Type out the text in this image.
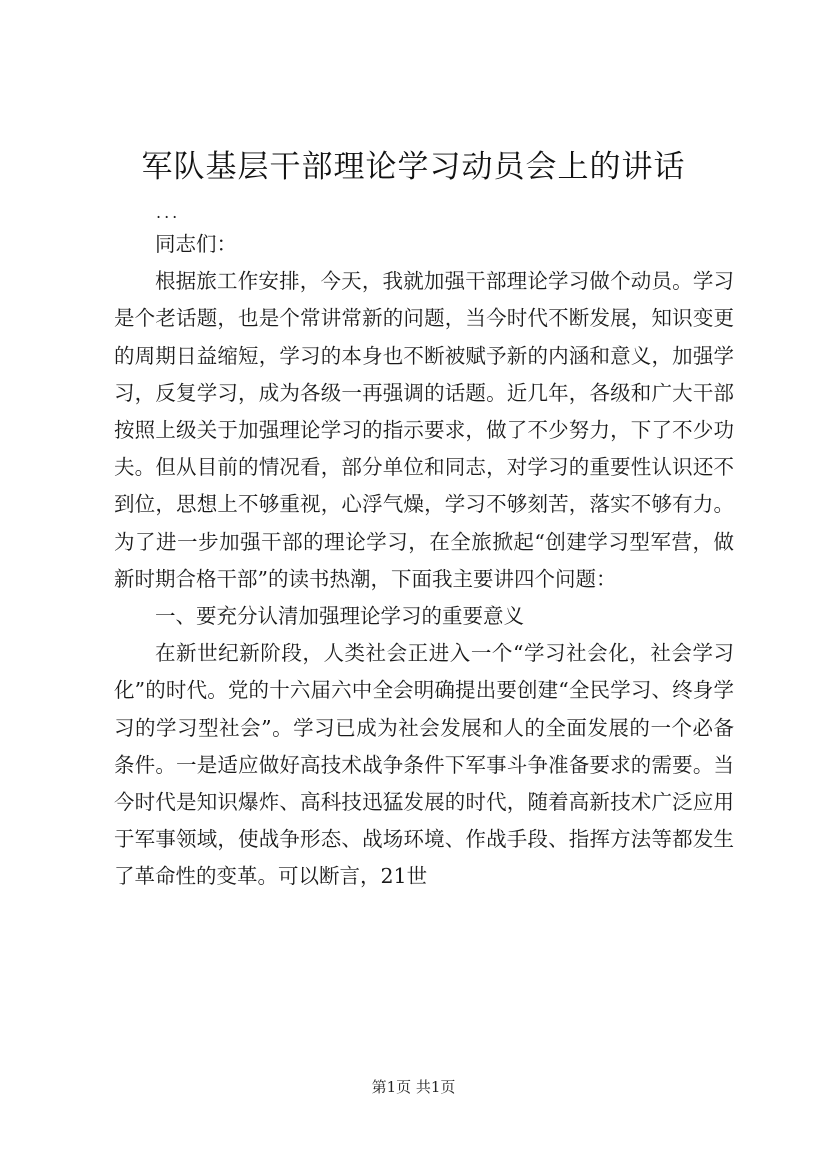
军队基层干部理论学习动员会上的讲话
...

同志们：

根据旅工作安排，今天，我就加强干部理论学习做个动员。学习是个老话题，也是个常讲常新的问题，当今时代不断发展，知识变更的周期日益缩短，学习的本身也不断被赋予新的内涵和意义，加强学习，反复学习，成为各级一再强调的话题。近几年，各级和广大干部按照上级关于加强理论学习的指示要求，做了不少努力，下了不少功夫。但从目前的情况看，部分单位和同志，对学习的重要性认识还不到位，思想上不够重视，心浮气燥，学习不够刻苦，落实不够有力。为了进一步加强干部的理论学习，在全旅掀起“创建学习型军营，做新时期合格干部”的读书热潮，下面我主要讲四个问题：

一、要充分认清加强理论学习的重要意义

在新世纪新阶段，人类社会正进入一个“学习社会化，社会学习化”的时代。党的十六届六中全会明确提出要创建“全民学习、终身学习的学习型社会”。学习已成为社会发展和人的全面发展的一个必备条件。一是适应做好高技术战争条件下军事斗争准备要求的需要。当今时代是知识爆炸、高科技迅猛发展的时代，随着高新技术广泛应用于军事领域，使战争形态、战场环境、作战手段、指挥方法等都发生了革命性的变革。可以断言，21世

第1页 共1页
